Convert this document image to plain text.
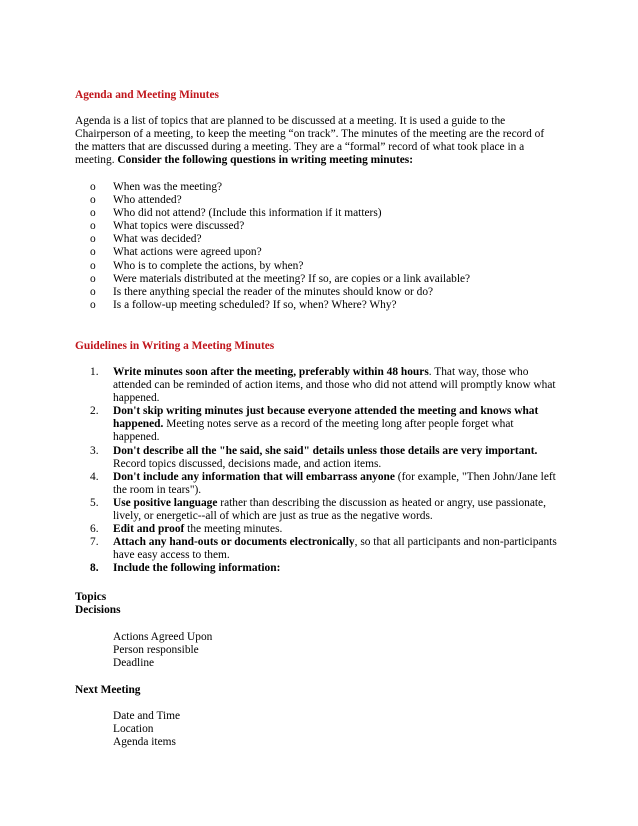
Agenda and Meeting Minutes
Agenda is a list of topics that are planned to be discussed at a meeting. It is used a guide to the
Chairperson of a meeting, to keep the meeting “on track”. The minutes of the meeting are the record of
the matters that are discussed during a meeting. They are a “formal” record of what took place in a
meeting. Consider the following questions in writing meeting minutes:
o When was the meeting?
o Who attended?
o Who did not attend? (Include this information if it matters)
o What topics were discussed?
o What was decided?
o What actions were agreed upon?
o Who is to complete the actions, by when?
o Were materials distributed at the meeting? If so, are copies or a link available?
o Is there anything special the reader of the minutes should know or do?
o Is a follow-up meeting scheduled? If so, when? Where? Why?
Guidelines in Writing a Meeting Minutes
1. Write minutes soon after the meeting, preferably within 48 hours. That way, those who
attended can be reminded of action items, and those who did not attend will promptly know what
happened.
2. Don't skip writing minutes just because everyone attended the meeting and knows what
happened. Meeting notes serve as a record of the meeting long after people forget what
happened.
3. Don't describe all the "he said, she said" details unless those details are very important.
Record topics discussed, decisions made, and action items.
4. Don't include any information that will embarrass anyone (for example, "Then John/Jane left
the room in tears").
5. Use positive language rather than describing the discussion as heated or angry, use passionate,
lively, or energetic--all of which are just as true as the negative words.
6. Edit and proof the meeting minutes.
7. Attach any hand-outs or documents electronically, so that all participants and non-participants
have easy access to them.
8. Include the following information:
Topics
Decisions
Actions Agreed Upon
Person responsible
Deadline
Next Meeting
Date and Time
Location
Agenda items
